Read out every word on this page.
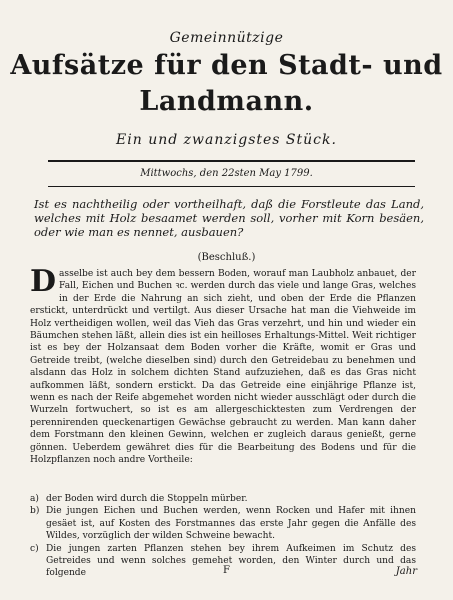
Gemeinnützige
Aufsätze für den Stadt- und
Landmann.
Ein und zwanzigstes Stück.
Mittwochs, den 22sten May 1799.
Ist es nachtheilig oder vortheilhaft, daß die Forstleute das Land, welches mit Holz besaamet werden soll, vorher mit Korn besäen, oder wie man es nennet, ausbauen?
(Beschluß.)

Dasselbe ist auch bey dem bessern Boden, worauf man Laubholz anbauet, der Fall, Eichen und Buchen ꝛc. werden durch das viele und lange Gras, welches in der Erde die Nahrung an sich zieht, und oben der Erde die Pflanzen erstickt, unterdrückt und vertilgt. Aus dieser Ursache hat man die Viehweide im Holz vertheidigen wollen, weil das Vieh das Gras verzehrt, und hin und wieder ein Bäumchen stehen läßt, allein dies ist ein heilloses Erhaltungs-Mittel. Weit richtiger ist es bey der Holzansaat dem Boden vorher die Kräfte, womit er Gras und Getreide treibt, (welche dieselben sind) durch den Getreidebau zu benehmen und alsdann das Holz in solchem dichten Stand aufzuziehen, daß es das Gras nicht aufkommen läßt, sondern erstickt. Da das Getreide eine einjährige Pflanze ist, wenn es nach der Reife abgemehet worden nicht wieder ausschlägt oder durch die Wurzeln fortwuchert, so ist es am allergeschicktesten zum Verdrengen der perennirenden queckenartigen Gewächse gebraucht zu werden. Man kann daher dem Forstmann den kleinen Gewinn, welchen er zugleich daraus genießt, gerne gönnen. Ueberdem gewähret dies für die Bearbeitung des Bodens und für die Holzpflanzen noch andre Vortheile:

a) der Boden wird durch die Stoppeln mürber.
b) Die jungen Eichen und Buchen werden, wenn Rocken und Hafer mit ihnen gesäet ist, auf Kosten des Forstmannes das erste Jahr gegen die Anfälle des Wildes, vorzüglich der wilden Schweine bewacht.
c) Die jungen zarten Pflanzen stehen bey ihrem Aufkeimen im Schutz des Getreides und wenn solches gemehet worden, den Winter durch und das folgende	F	Jahr
